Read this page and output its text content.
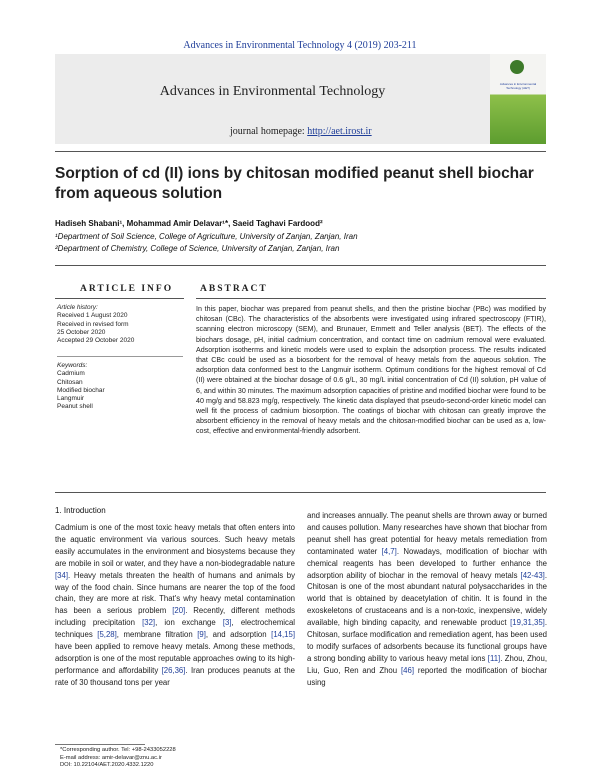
Advances in Environmental Technology 4 (2019) 203-211
Advances in Environmental Technology
journal homepage: http://aet.irost.ir
Advances in Environmental Technology (AET)
Sorption of cd (II) ions by chitosan modified peanut shell biochar from aqueous solution
Hadiseh Shabani¹, Mohammad Amir Delavar¹*, Saeid Taghavi Fardood²
¹Department of Soil Science, College of Agriculture, University of Zanjan, Zanjan, Iran
²Department of Chemistry, College of Science, University of Zanjan, Zanjan, Iran
ARTICLE INFO	ABSTRACT
Article history:
Received 1 August 2020
Received in revised form
25 October 2020
Accepted 29 October 2020
Keywords:
Cadmium
Chitosan
Modified biochar
Langmuir
Peanut shell
In this paper, biochar was prepared from peanut shells, and then the pristine biochar (PBc) was modified by chitosan (CBc). The characteristics of the absorbents were investigated using infrared spectroscopy (FTIR), scanning electron microscopy (SEM), and Brunauer, Emmett and Teller analysis (BET). The effects of the biochars dosage, pH, initial cadmium concentration, and contact time on cadmium removal were evaluated. Adsorption isotherms and kinetic models were used to explain the adsorption process. The results indicated that CBc could be used as a biosorbent for the removal of heavy metals from the aqueous solution. The adsorption data conformed best to the Langmuir isotherm. Optimum conditions for the highest removal of Cd (II) were obtained at the biochar dosage of 0.6 g/L, 30 mg/L initial concentration of Cd (II) solution, pH value of 6, and within 30 minutes. The maximum adsorption capacities of pristine and modified biochar were found to be 40 mg/g and 58.823 mg/g, respectively. The kinetic data displayed that pseudo-second-order kinetic model can well fit the process of cadmium biosorption. The coatings of biochar with chitosan can greatly improve the absorbent efficiency in the removal of heavy metals and the chitosan-modified biochar can be used as a, low-cost, effective and environmental-friendly adsorbent.
1. Introduction
Cadmium is one of the most toxic heavy metals that often enters into the aquatic environment via various sources. Such heavy metals easily accumulates in the environment and biosystems because they are mobile in soil or water, and they have a non-biodegradable nature [34]. Heavy metals threaten the health of humans and animals by way of the food chain. Since humans are nearer the top of the food chain, they are more at risk. That's why heavy metal contamination has been a serious problem [20]. Recently, different methods including precipitation [32], ion exchange [3], electrochemical techniques [5,28], membrane filtration [9], and adsorption [14,15] have been applied to remove heavy metals. Among these methods, adsorption is one of the most reputable approaches owing to its high-performance and affordability [26,36]. Iran produces peanuts at the rate of 30 thousand tons per year
and increases annually. The peanut shells are thrown away or burned and causes pollution. Many researches have shown that biochar from peanut shell has great potential for heavy metals remediation from contaminated water [4,7]. Nowadays, modification of biochar with chemical reagents has been developed to further enhance the adsorption ability of biochar in the removal of heavy metals [42-43]. Chitosan is one of the most abundant natural polysaccharides in the world that is obtained by deacetylation of chitin. It is found in the exoskeletons of crustaceans and is a non-toxic, inexpensive, widely available, high binding capacity, and renewable product [19,31,35]. Chitosan, surface modification and remediation agent, has been used to modify surfaces of adsorbents because its functional groups have a strong bonding ability to various heavy metal ions [11]. Zhou, Zhou, Liu, Guo, Ren and Zhou [46] reported the modification of biochar using
*Corresponding author. Tel: +98-2433052228
E-mail address: amir-delavar@znu.ac.ir
DOI: 10.22104/AET.2020.4332.1220
